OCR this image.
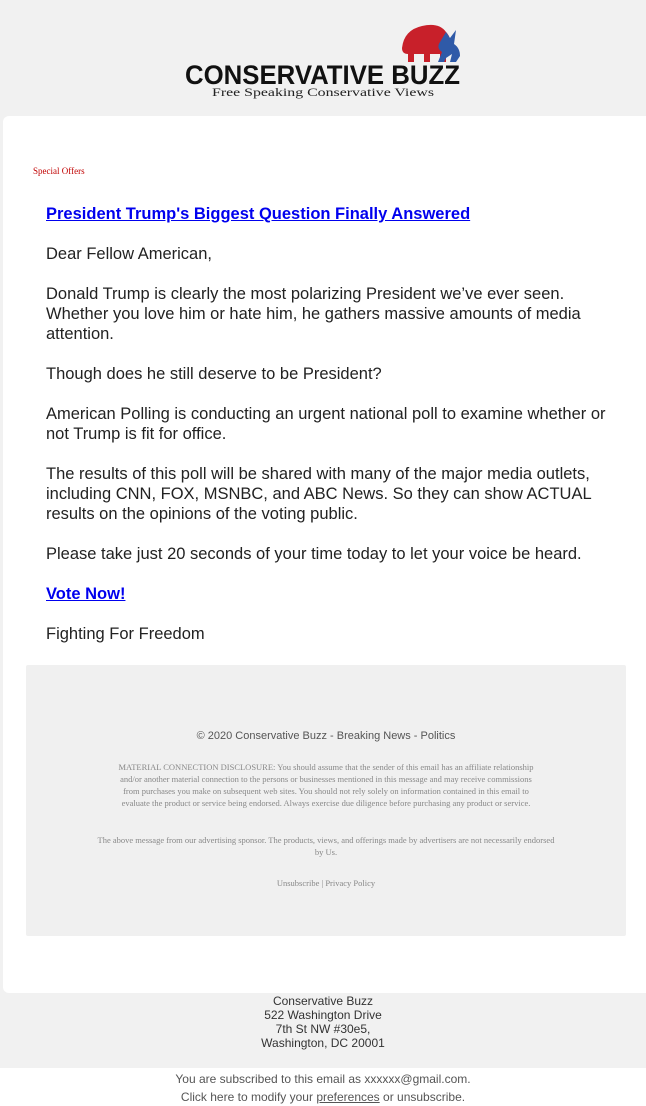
CONSERVATIVE BUZZ
Free Speaking Conservative Views
Special Offers

President Trump's Biggest Question Finally Answered

Dear Fellow American,

Donald Trump is clearly the most polarizing President we’ve ever seen. Whether you love him or hate him, he gathers massive amounts of media attention.

Though does he still deserve to be President?

American Polling is conducting an urgent national poll to examine whether or not Trump is fit for office.

The results of this poll will be shared with many of the major media outlets, including CNN, FOX, MSNBC, and ABC News. So they can show ACTUAL results on the opinions of the voting public.

Please take just 20 seconds of your time today to let your voice be heard.

Vote Now!

Fighting For Freedom

© 2020 Conservative Buzz - Breaking News - Politics
MATERIAL CONNECTION DISCLOSURE: You should assume that the sender of this email has an affiliate relationship and/or another material connection to the persons or businesses mentioned in this message and may receive commissions from purchases you make on subsequent web sites. You should not rely solely on information contained in this email to evaluate the product or service being endorsed. Always exercise due diligence before purchasing any product or service.
The above message from our advertising sponsor. The products, views, and offerings made by advertisers are not necessarily endorsed by Us.
Unsubscribe | Privacy Policy
Conservative Buzz
522 Washington Drive
7th St NW #30e5,
Washington, DC 20001
You are subscribed to this email as xxxxxx@gmail.com.
Click here to modify your preferences or unsubscribe.
